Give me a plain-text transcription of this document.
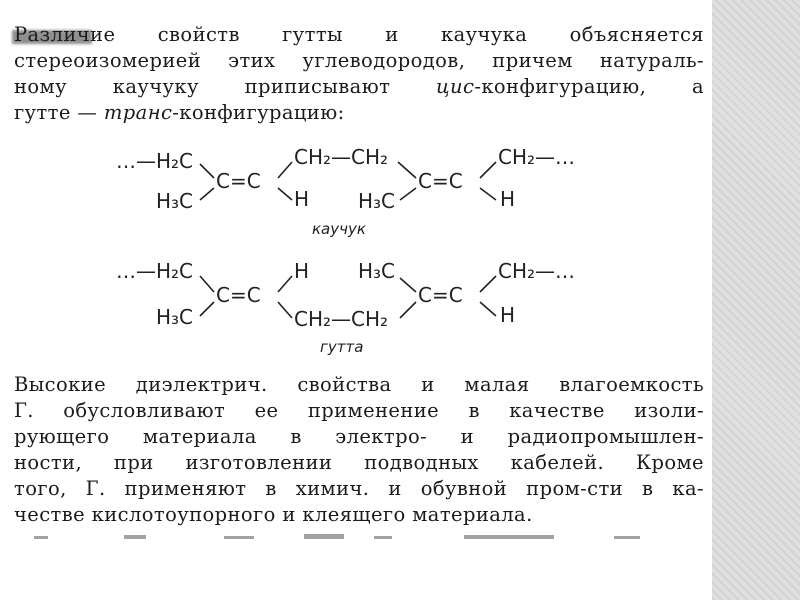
Различие свойств гутты и каучука объясняется
стереоизомерией этих углеводородов, причем натураль-
ному каучуку приписывают цис-конфигурацию, а
гутте — транс-конфигурацию:
…— H₂C
H₃C
C=C
H
CH₂—CH₂
H₃C
C=C
CH₂—…
H
каучук
…— H₂C
H₃C
C=C
H
CH₂—CH₂
H₃C
C=C
CH₂—…
H
гутта
Высокие диэлектрич. свойства и малая влагоемкость
Г. обусловливают ее применение в качестве изоли-
рующего материала в электро- и радиопромышлен-
ности, при изготовлении подводных кабелей. Кроме
того, Г. применяют в химич. и обувной пром-сти в ка-
честве кислотоупорного и клеящего материала.
